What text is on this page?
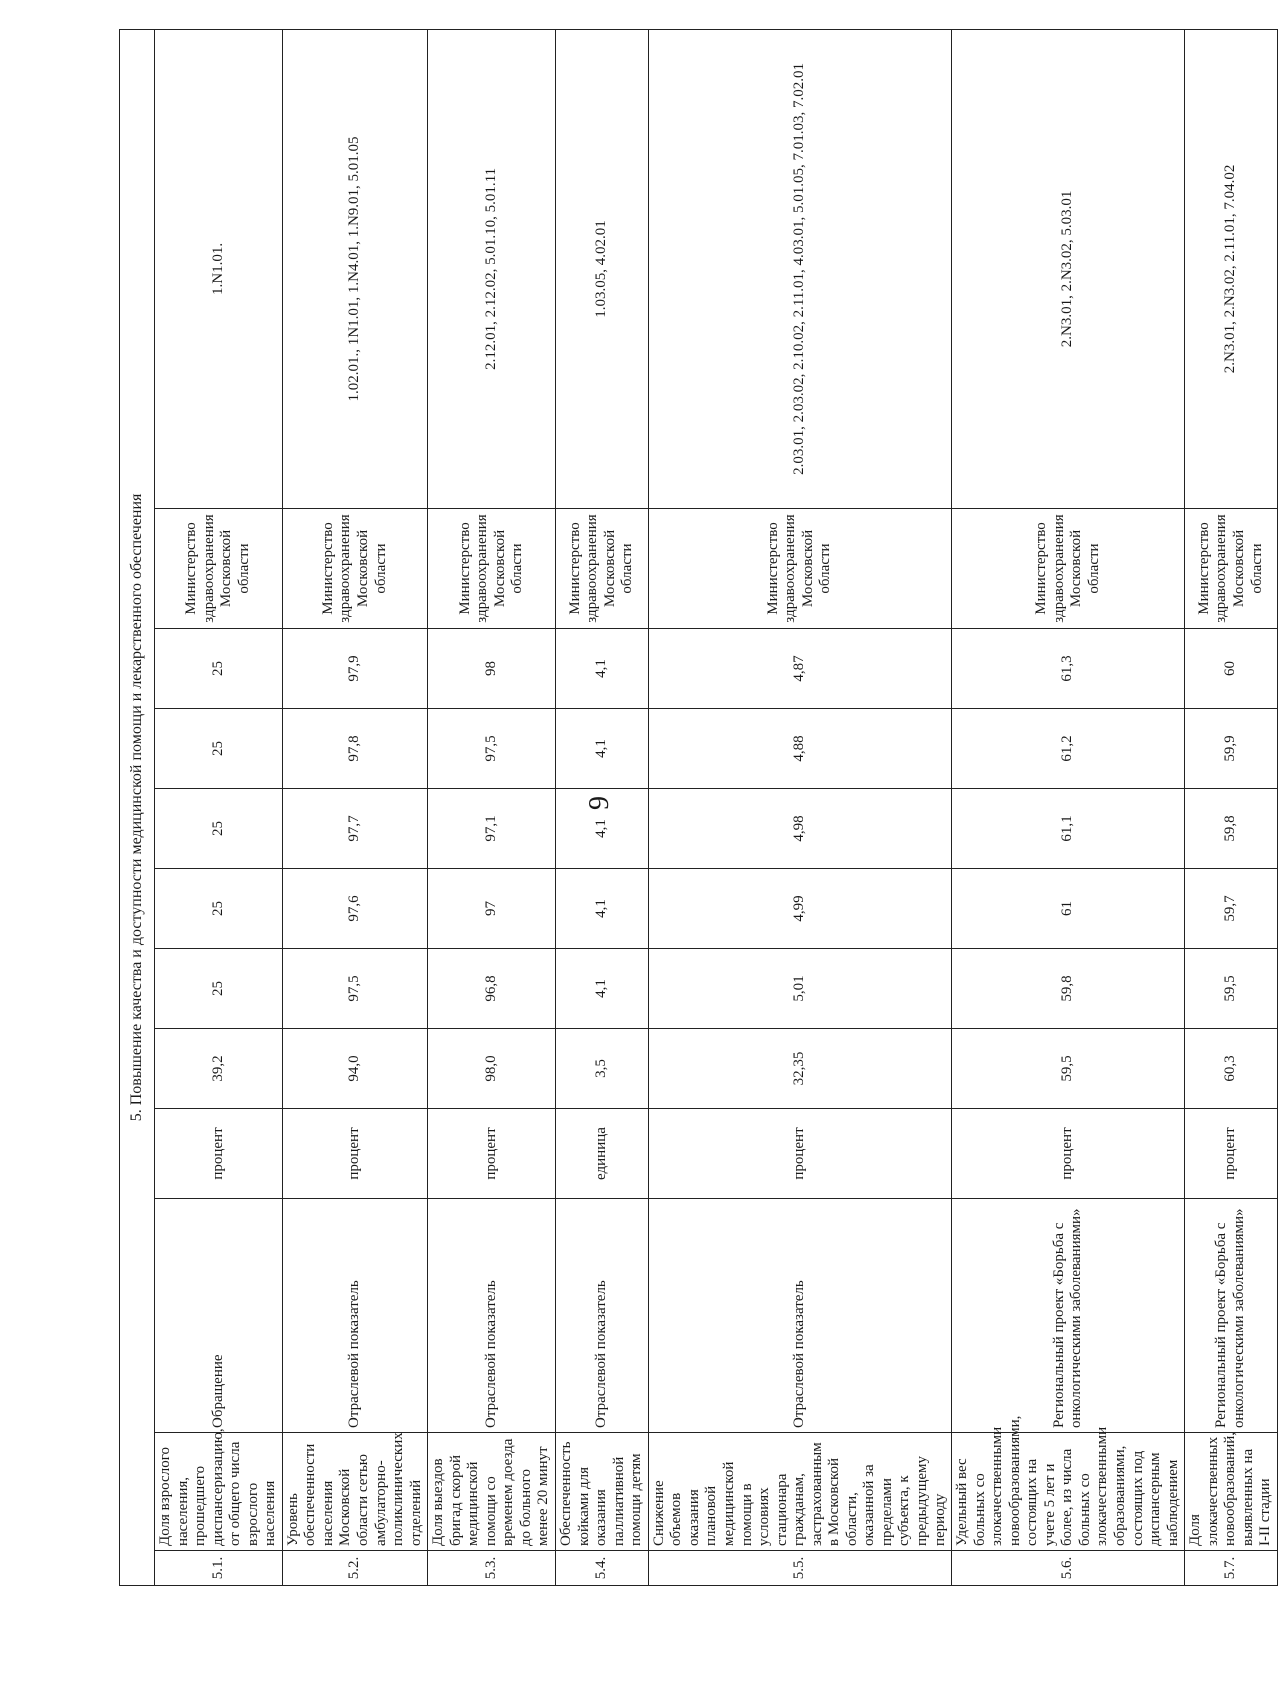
9
5. Повышение качества и доступности медицинской помощи и лекарственного обеспечения											
5.1.	Доля взрослого населения, прошедшего диспансеризацию, от общего числа взрослого населения	Обращение	процент	39,2	25	25	25	25	25	Министерство здравоохранения Московской области	1.N1.01.
5.2.	Уровень обеспеченности населения Московской области сетью амбулаторно-поликлинических отделений	Отраслевой показатель	процент	94,0	97,5	97,6	97,7	97,8	97,9	Министерство здравоохранения Московской области	1.02.01., 1N1.01, 1.N4.01, 1.N9.01, 5.01.05
5.3.	Доля выездов бригад скорой медицинской помощи со временем доезда до больного менее 20 минут	Отраслевой показатель	процент	98,0	96,8	97	97,1	97,5	98	Министерство здравоохранения Московской области	2.12.01, 2.12.02, 5.01.10, 5.01.11
5.4.	Обеспеченность койками для оказания паллиативной помощи детям	Отраслевой показатель	единица	3,5	4,1	4,1	4,1	4,1	4,1	Министерство здравоохранения Московской области	1.03.05, 4.02.01
5.5.	Снижение объемов оказания плановой медицинской помощи в условиях стационара гражданам, застрахованным в Московской области, оказанной за пределами субъекта, к предыдущему периоду	Отраслевой показатель	процент	32,35	5,01	4,99	4,98	4,88	4,87	Министерство здравоохранения Московской области	2.03.01, 2.03.02, 2.10.02, 2.11.01, 4.03.01, 5.01.05, 7.01.03, 7.02.01
5.6.	Удельный вес больных со злокачественными новообразованиями, состоящих на учете 5 лет и более, из числа больных со злокачественными образованиями, состоящих под диспансерным наблюдением	Региональный проект «Борьба с онкологическими заболеваниями»	процент	59,5	59,8	61	61,1	61,2	61,3	Министерство здравоохранения Московской области	2.N3.01, 2.N3.02, 5.03.01
5.7.	Доля злокачественных новообразований, выявленных на I-II стадии	Региональный проект «Борьба с онкологическими заболеваниями»	процент	60,3	59,5	59,7	59,8	59,9	60	Министерство здравоохранения Московской области	2.N3.01, 2.N3.02, 2.11.01, 7.04.02
